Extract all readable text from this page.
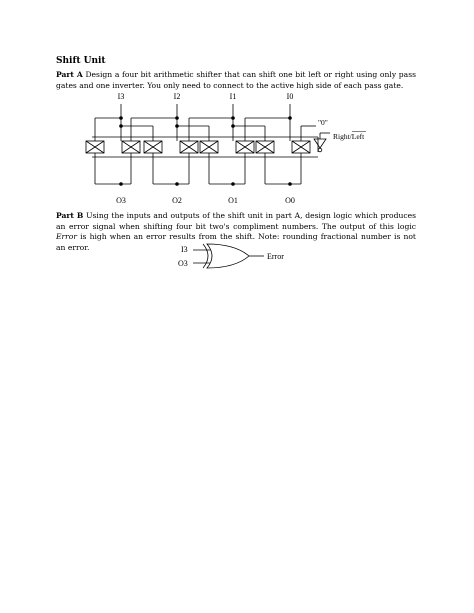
Shift Unit
Part A Design a four bit arithmetic shifter that can shift one bit left or right using only pass gates and one inverter. You only need to connect to the active high side of each pass gate.
I3	I2	I1	I0
O3	O2	O1	O0
"0"
Right/Left
Part B Using the inputs and outputs of the shift unit in part A, design logic which produces an error signal when shifting four bit two's compliment numbers. The output of this logic Error is high when an error results from the shift. Note: rounding fractional number is not an error.	I3
O3
Error
